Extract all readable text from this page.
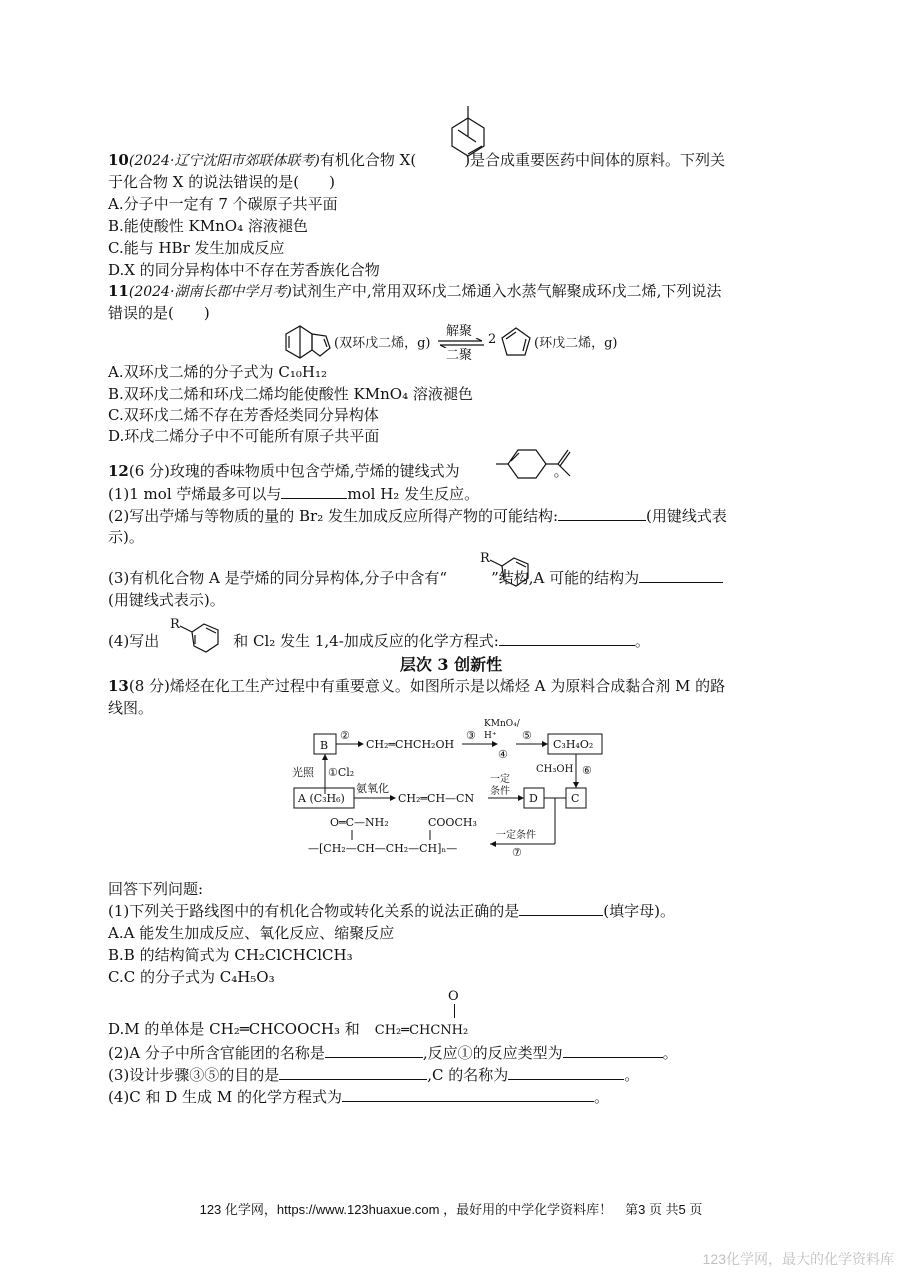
10(2024·辽宁沈阳市郊联体联考)有机化合物 X(	)是合成重要医药中间体的原料。下列关
于化合物 X 的说法错误的是(　　)
A.分子中一定有 7 个碳原子共平面
B.能使酸性 KMnO₄ 溶液褪色
C.能与 HBr 发生加成反应
D.X 的同分异构体中不存在芳香族化合物
11(2024·湖南长郡中学月考)试剂生产中,常用双环戊二烯通入水蒸气解聚成环戊二烯,下列说法
错误的是(　　)
(双环戊二烯，g)
解聚
二聚
2	(环戊二烯，g)
A.双环戊二烯的分子式为 C₁₀H₁₂
B.双环戊二烯和环戊二烯均能使酸性 KMnO₄ 溶液褪色
C.双环戊二烯不存在芳香烃类同分异构体
D.环戊二烯分子中不可能所有原子共平面
12(6 分)玫瑰的香味物质中包含苧烯,苧烯的键线式为	。
(1)1 mol 苧烯最多可以与	mol H₂ 发生反应。
(2)写出苧烯与等物质的量的 Br₂ 发生加成反应所得产物的可能结构:	(用键线式表
示)。
R
(3)有机化合物 A 是苧烯的同分异构体,分子中含有“	”结构,A 可能的结构为
(用键线式表示)。
R
(4)写出	和 Cl₂ 发生 1,4-加成反应的化学方程式:	。
层次 3 创新性
13(8 分)烯烃在化工生产过程中有重要意义。如图所示是以烯烃 A 为原料合成黏合剂 M 的路
线图。
B
②
CH₂═CHCH₂OH
③
KMnO₄/
H⁺
④
⑤
C₃H₄O₂
光照 ①Cl₂	CH₃OH ⑥
A (C₃H₆)
氨氧化
CH₂═CH—CN
一定
条件
D	C
一定条件
⑦
O═C—NH₂	COOCH₃
—[CH₂—CH—CH₂—CH]ₙ—
回答下列问题:
(1)下列关于路线图中的有机化合物或转化关系的说法正确的是	(填字母)。
A.A 能发生加成反应、氧化反应、缩聚反应
B.B 的结构简式为 CH₂ClCHClCH₃
C.C 的分子式为 C₄H₅O₃
O
D.M 的单体是 CH₂═CHCOOCH₃ 和　 CH₂═CHCNH₂
(2)A 分子中所含官能团的名称是	,反应①的反应类型为	。
(3)设计步骤③⑤的目的是	,C 的名称为	。
(4)C 和 D 生成 M 的化学方程式为	。
123 化学网，https://www.123huaxue.com ，最好用的中学化学资料库！　第3 页 共5 页
123化学网，最大的化学资料库
